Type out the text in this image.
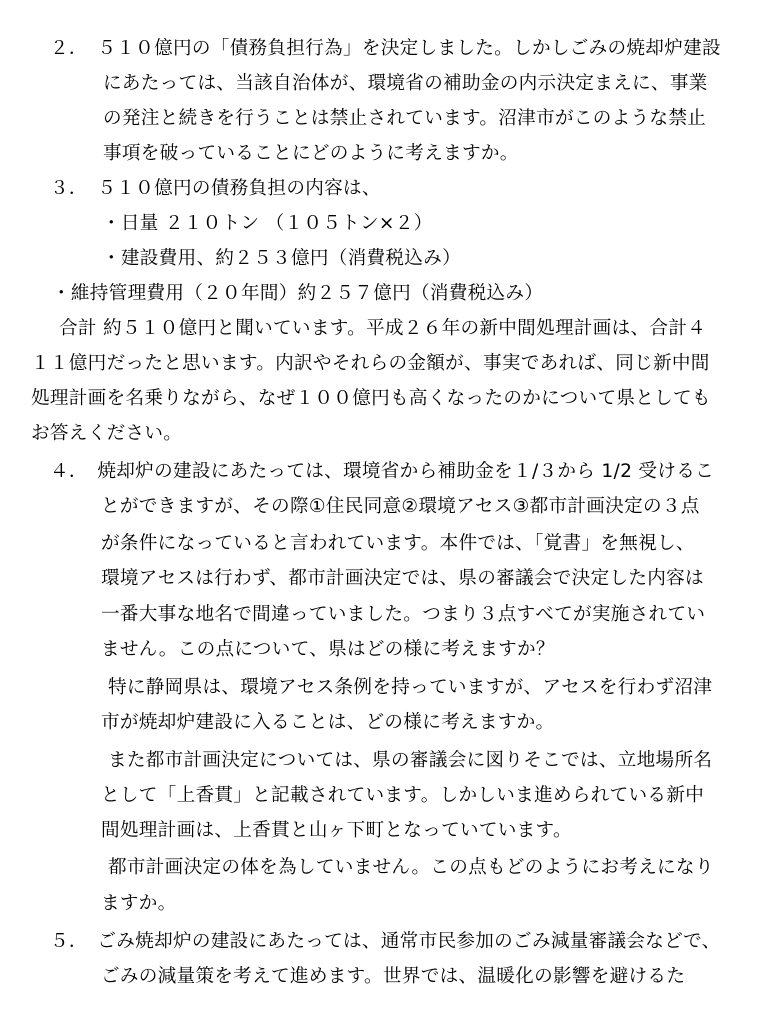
２．　５１０億円の「債務負担行為」を決定しました。しかしごみの焼却炉建設
にあたっては、当該自治体が、環境省の補助金の内示決定まえに、事業
の発注と続きを行うことは禁止されています。沼津市がこのような禁止
事項を破っていることにどのように考えますか。
３．　５１０億円の債務負担の内容は、
・日量 ２１０トン （１０５トン×２）
・建設費用、約２５３億円（消費税込み）
・維持管理費用（２０年間）約２５７億円（消費税込み）
合計 約５１０億円と聞いています。平成２６年の新中間処理計画は、合計４
１１億円だったと思います。内訳やそれらの金額が、事実であれば、同じ新中間
処理計画を名乗りながら、なぜ１００億円も高くなったのかについて県としても
お答えください。
４．　焼却炉の建設にあたっては、環境省から補助金を１/３から 1/2 受けるこ
とができますが、その際①住民同意②環境アセス③都市計画決定の３点
が条件になっていると言われています。本件では、「覚書」を無視し、
環境アセスは行わず、都市計画決定では、県の審議会で決定した内容は
一番大事な地名で間違っていました。つまり３点すべてが実施されてい
ません。この点について、県はどの様に考えますか？
特に静岡県は、環境アセス条例を持っていますが、アセスを行わず沼津
市が焼却炉建設に入ることは、どの様に考えますか。
また都市計画決定については、県の審議会に図りそこでは、立地場所名
として「上香貫」と記載されています。しかしいま進められている新中
間処理計画は、上香貫と山ヶ下町となっていています。
都市計画決定の体を為していません。この点もどのようにお考えになり
ますか。
５．　ごみ焼却炉の建設にあたっては、通常市民参加のごみ減量審議会などで、
ごみの減量策を考えて進めます。世界では、温暖化の影響を避けるた
